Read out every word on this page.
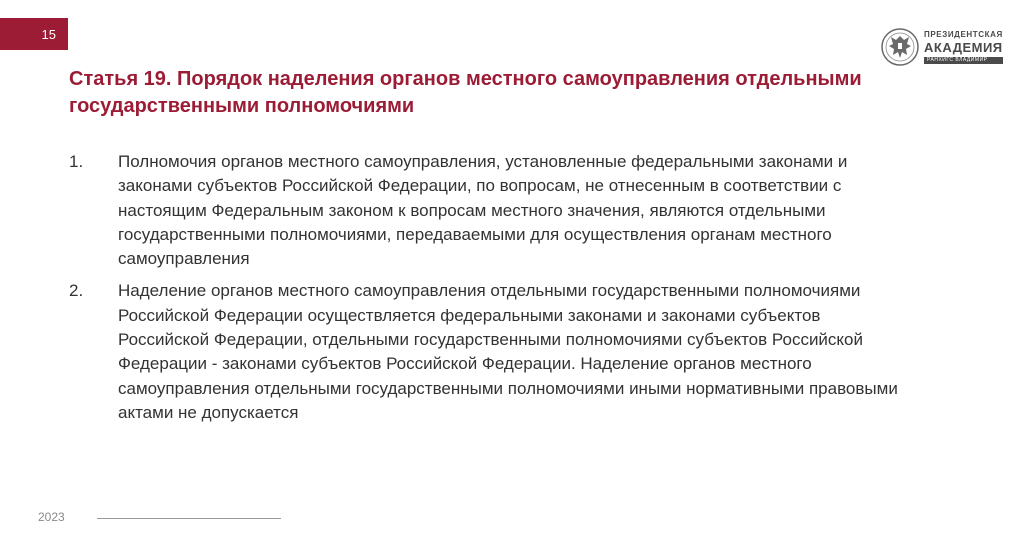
15	ПРЕЗИДЕНТСКАЯ
АКАДЕМИЯ
РАНХИГС ВЛАДИМИР
Статья 19. Порядок наделения органов местного самоуправления отдельными государственными полномочиями
1.	Полномочия органов местного самоуправления, установленные федеральными законами и законами субъектов Российской Федерации, по вопросам, не отнесенным в соответствии с настоящим Федеральным законом к вопросам местного значения, являются отдельными государственными полномочиями, передаваемыми для осуществления органам местного самоуправления
2.	Наделение органов местного самоуправления отдельными государственными полномочиями Российской Федерации осуществляется федеральными законами и законами субъектов Российской Федерации, отдельными государственными полномочиями субъектов Российской Федерации - законами субъектов Российской Федерации. Наделение органов местного самоуправления отдельными государственными полномочиями иными нормативными правовыми актами не допускается
2023
